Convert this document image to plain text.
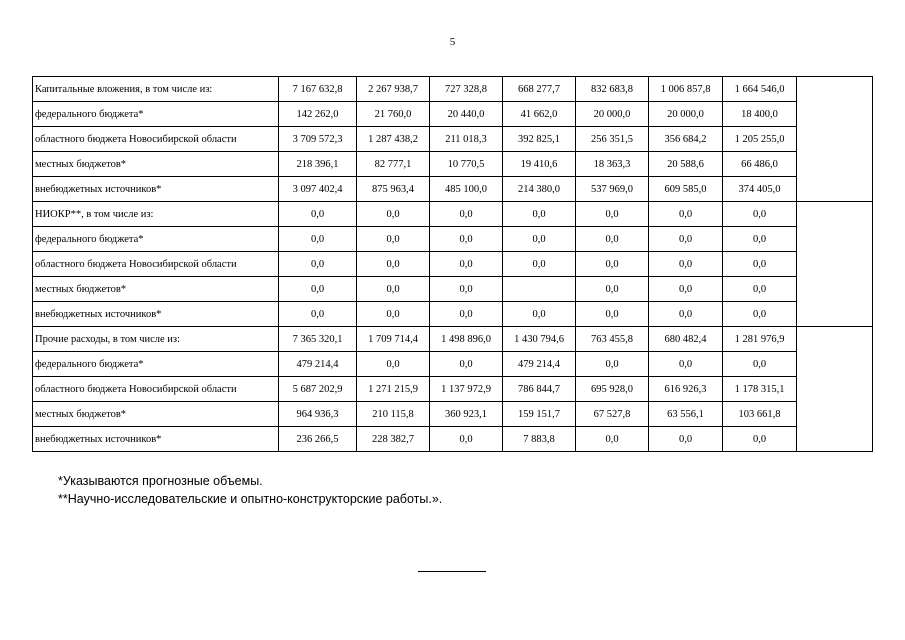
5
Капитальные вложения, в том числе из:	7 167 632,8	2 267 938,7	727 328,8	668 277,7	832 683,8	1 006 857,8	1 664 546,0	
федерального бюджета*	142 262,0	21 760,0	20 440,0	41 662,0	20 000,0	20 000,0	18 400,0	
областного бюджета Новосибирской области	3 709 572,3	1 287 438,2	211 018,3	392 825,1	256 351,5	356 684,2	1 205 255,0	
местных бюджетов*	218 396,1	82 777,1	10 770,5	19 410,6	18 363,3	20 588,6	66 486,0	
внебюджетных источников*	3 097 402,4	875 963,4	485 100,0	214 380,0	537 969,0	609 585,0	374 405,0	
НИОКР**, в том числе из:	0,0	0,0	0,0	0,0	0,0	0,0	0,0	
федерального бюджета*	0,0	0,0	0,0	0,0	0,0	0,0	0,0	
областного бюджета Новосибирской области	0,0	0,0	0,0	0,0	0,0	0,0	0,0	
местных бюджетов*	0,0	0,0	0,0		0,0	0,0	0,0	
внебюджетных источников*	0,0	0,0	0,0	0,0	0,0	0,0	0,0	
Прочие расходы, в том числе из:	7 365 320,1	1 709 714,4	1 498 896,0	1 430 794,6	763 455,8	680 482,4	1 281 976,9	
федерального бюджета*	479 214,4	0,0	0,0	479 214,4	0,0	0,0	0,0	
областного бюджета Новосибирской области	5 687 202,9	1 271 215,9	1 137 972,9	786 844,7	695 928,0	616 926,3	1 178 315,1	
местных бюджетов*	964 936,3	210 115,8	360 923,1	159 151,7	67 527,8	63 556,1	103 661,8	
внебюджетных источников*	236 266,5	228 382,7	0,0	7 883,8	0,0	0,0	0,0	
*Указываются прогнозные объемы.
**Научно-исследовательские и опытно-конструкторские работы.».
